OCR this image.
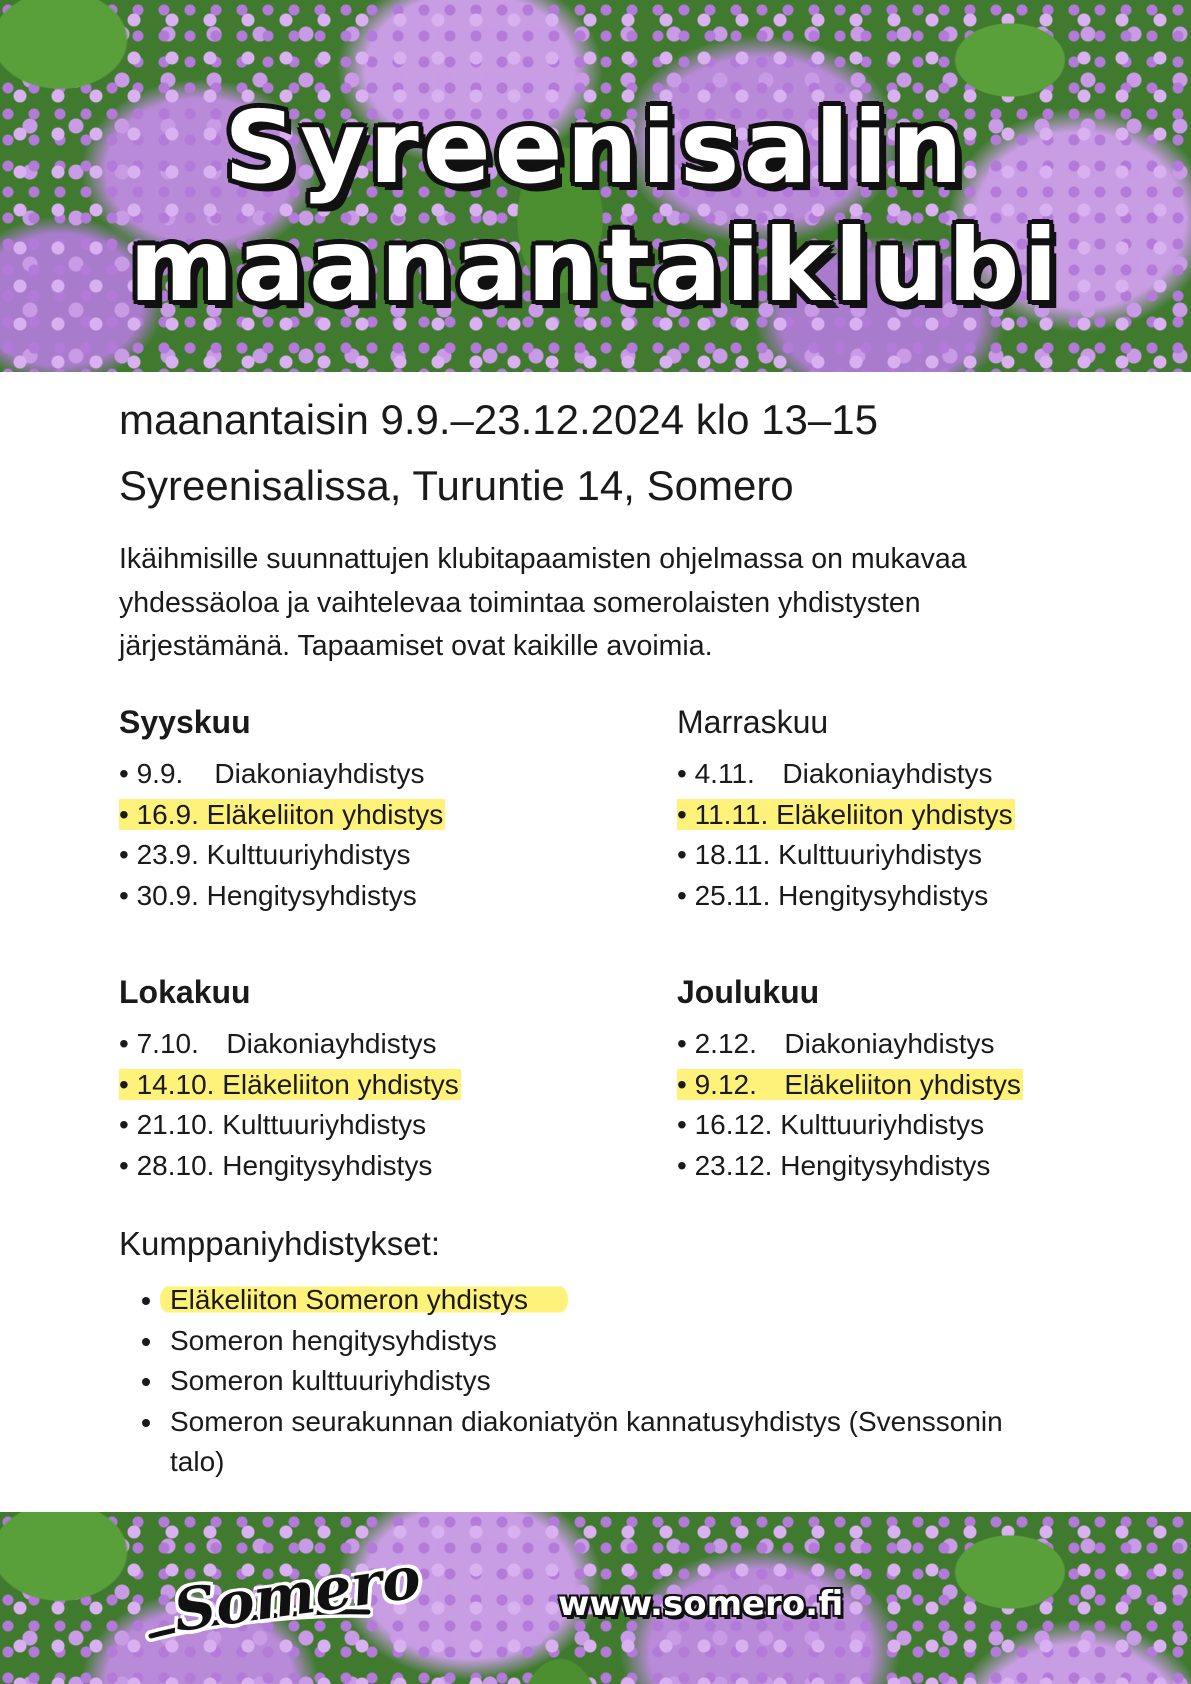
Syreenisalin
maanantaiklubi
maanantaisin 9.9.–23.12.2024 klo 13–15
Syreenisalissa, Turuntie 14, Somero
Ikäihmisille suunnattujen klubitapaamisten ohjelmassa on mukavaa yhdessäoloa ja vaihtelevaa toimintaa somerolaisten yhdistysten järjestämänä. Tapaamiset ovat kaikille avoimia.
Syyskuu
• 9.9. Diakoniayhdistys
• 16.9. Eläkeliiton yhdistys
• 23.9. Kulttuuriyhdistys
• 30.9. Hengitysyhdistys
Marraskuu
• 4.11. Diakoniayhdistys
• 11.11. Eläkeliiton yhdistys
• 18.11. Kulttuuriyhdistys
• 25.11. Hengitysyhdistys
Lokakuu
• 7.10. Diakoniayhdistys
• 14.10. Eläkeliiton yhdistys
• 21.10. Kulttuuriyhdistys
• 28.10. Hengitysyhdistys
Joulukuu
• 2.12. Diakoniayhdistys
• 9.12. Eläkeliiton yhdistys
• 16.12. Kulttuuriyhdistys
• 23.12. Hengitysyhdistys
Kumppaniyhdistykset:
Eläkeliiton Someron yhdistys
Someron hengitysyhdistys
Someron kulttuuriyhdistys
Someron seurakunnan diakoniatyön kannatusyhdistys (Svenssonin talo)
Somero	www.somero.fi
